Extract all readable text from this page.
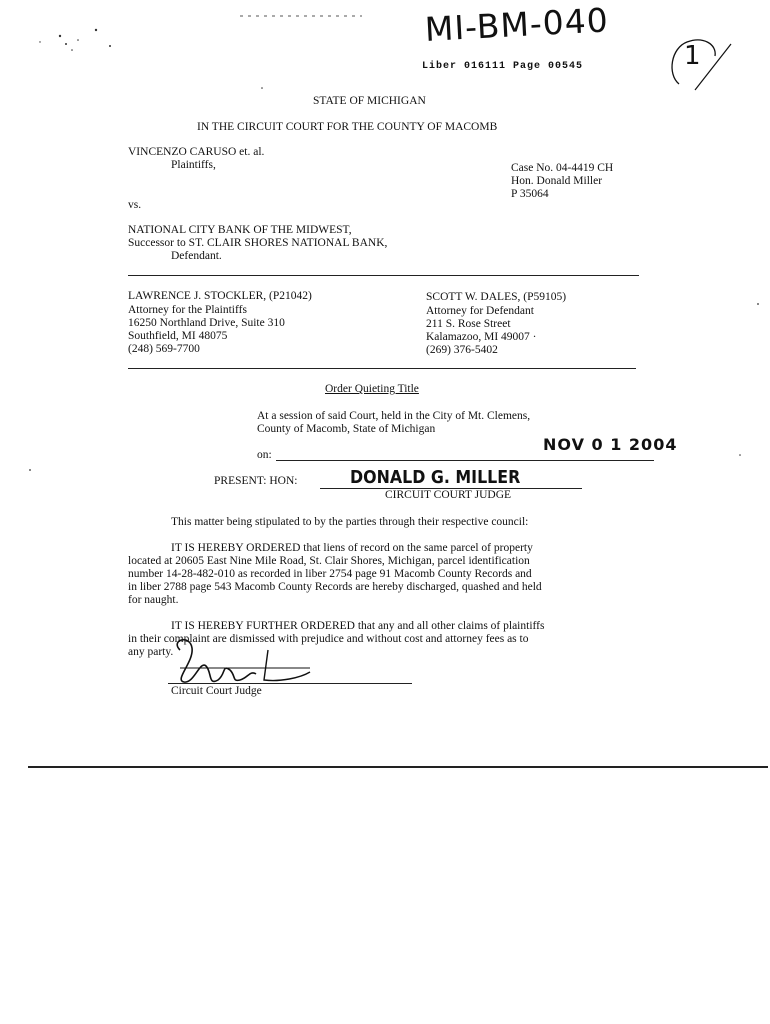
MI-BM-040
1
Liber 016111 Page 00545
STATE OF MICHIGAN
IN THE CIRCUIT COURT FOR THE COUNTY OF MACOMB
VINCENZO CARUSO et. al.
Plaintiffs,	Case No. 04-4419 CH
Hon. Donald Miller
P 35064
vs.
NATIONAL CITY BANK OF THE MIDWEST,
Successor to ST. CLAIR SHORES NATIONAL BANK,
Defendant.
LAWRENCE J. STOCKLER, (P21042)
Attorney for the Plaintiffs
16250 Northland Drive, Suite 310
Southfield, MI 48075
(248) 569-7700
SCOTT W. DALES, (P59105)
Attorney for Defendant
211 S. Rose Street
Kalamazoo, MI 49007 ·
(269) 376-5402
Order Quieting Title
At a session of said Court, held in the City of Mt. Clemens,
County of Macomb, State of Michigan
NOV 0 1 2004
on:
PRESENT: HON:	DONALD G. MILLER
CIRCUIT COURT JUDGE
This matter being stipulated to by the parties through their respective council:
IT IS HEREBY ORDERED that liens of record on the same parcel of property
located at 20605 East Nine Mile Road, St. Clair Shores, Michigan, parcel identification
number 14-28-482-010 as recorded in liber 2754 page 91 Macomb County Records and
in liber 2788 page 543 Macomb County Records are hereby discharged, quashed and held
for naught.
IT IS HEREBY FURTHER ORDERED that any and all other claims of plaintiffs
in their complaint are dismissed with prejudice and without cost and attorney fees as to
any party.
Circuit Court Judge
